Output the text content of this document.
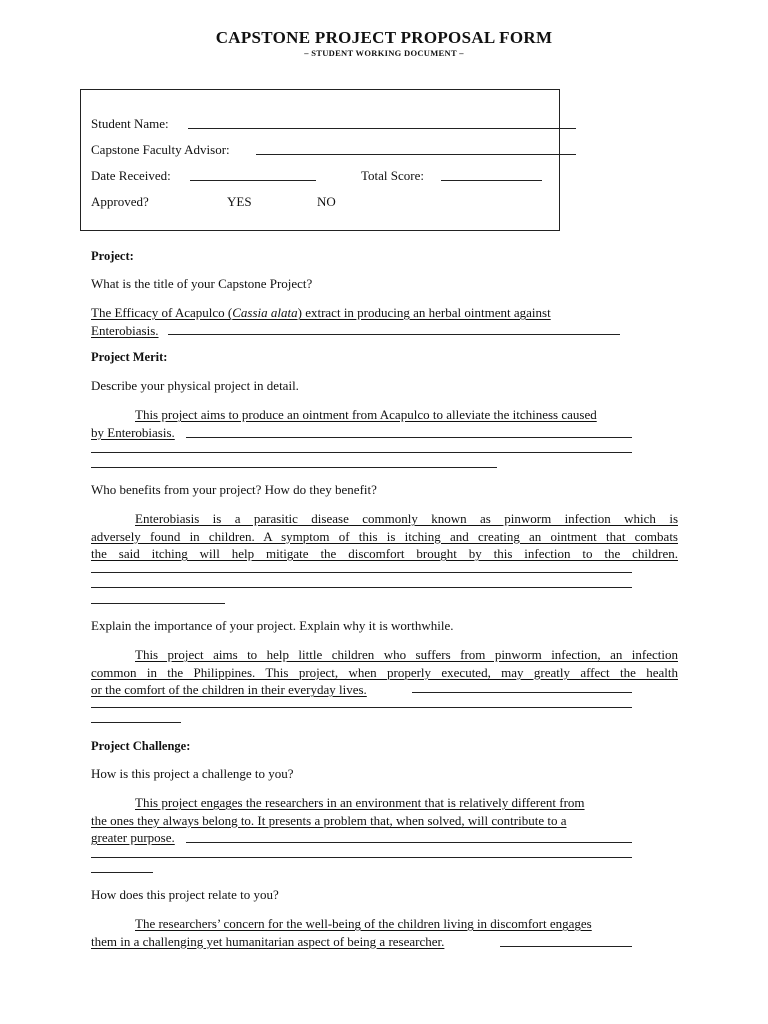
CAPSTONE PROJECT PROPOSAL FORM
– STUDENT WORKING DOCUMENT –
Student Name:
Capstone Faculty Advisor:
Date Received:	Total Score:
Approved?	YES	NO
Project:
What is the title of your Capstone Project?
The Efficacy of Acapulco (Cassia alata) extract in producing an herbal ointment against
Enterobiasis.
Project Merit:
Describe your physical project in detail.
This project aims to produce an ointment from Acapulco to alleviate the itchiness caused
by Enterobiasis.
Who benefits from your project? How do they benefit?
Enterobiasis is a parasitic disease commonly known as pinworm infection which is
adversely found in children. A symptom of this is itching and creating an ointment that combats
the said itching will help mitigate the discomfort brought by this infection to the children.
Explain the importance of your project. Explain why it is worthwhile.
This project aims to help little children who suffers from pinworm infection, an infection
common in the Philippines. This project, when properly executed, may greatly affect the health
or the comfort of the children in their everyday lives.
Project Challenge:
How is this project a challenge to you?
This project engages the researchers in an environment that is relatively different from
the ones they always belong to. It presents a problem that, when solved, will contribute to a
greater purpose.
How does this project relate to you?
The researchers’ concern for the well-being of the children living in discomfort engages
them in a challenging yet humanitarian aspect of being a researcher.
